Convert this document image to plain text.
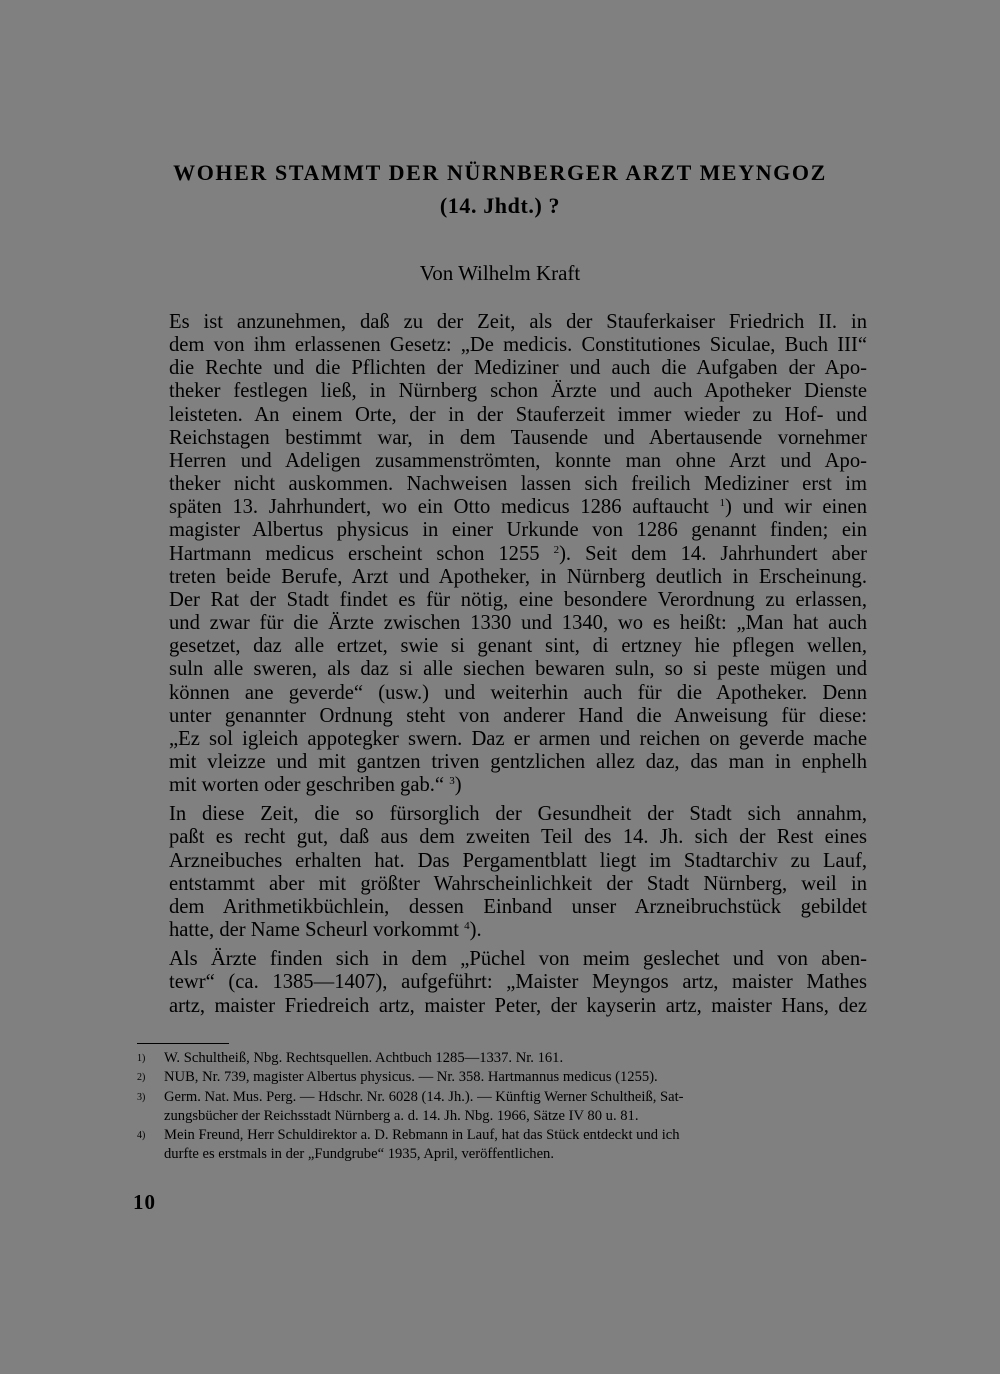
WOHER STAMMT DER NÜRNBERGER ARZT MEYNGOZ
(14. Jhdt.) ?
Von Wilhelm Kraft

Es ist anzunehmen, daß zu der Zeit, als der Stauferkaiser Friedrich II. in
dem von ihm erlassenen Gesetz: „De medicis. Constitutiones Siculae, Buch III“
die Rechte und die Pflichten der Mediziner und auch die Aufgaben der Apo-
theker festlegen ließ, in Nürnberg schon Ärzte und auch Apotheker Dienste
leisteten. An einem Orte, der in der Stauferzeit immer wieder zu Hof- und
Reichstagen bestimmt war, in dem Tausende und Abertausende vornehmer
Herren und Adeligen zusammenströmten, konnte man ohne Arzt und Apo-
theker nicht auskommen. Nachweisen lassen sich freilich Mediziner erst im
späten 13. Jahrhundert, wo ein Otto medicus 1286 auftaucht $^1$) und wir einen
magister Albertus physicus in einer Urkunde von 1286 genannt finden; ein
Hartmann medicus erscheint schon 1255 $^2$). Seit dem 14. Jahrhundert aber
treten beide Berufe, Arzt und Apotheker, in Nürnberg deutlich in Erscheinung.
Der Rat der Stadt findet es für nötig, eine besondere Verordnung zu erlassen,
und zwar für die Ärzte zwischen 1330 und 1340, wo es heißt: „Man hat auch
gesetzet, daz alle ertzet, swie si genant sint, di ertzney hie pflegen wellen,
suln alle sweren, als daz si alle siechen bewaren suln, so si peste mügen und
können ane geverde“ (usw.) und weiterhin auch für die Apotheker. Denn
unter genannter Ordnung steht von anderer Hand die Anweisung für diese:
„Ez sol igleich appotegker swern. Daz er armen und reichen on geverde mache
mit vleizze und mit gantzen triven gentzlichen allez daz, das man in enphelh
mit worten oder geschriben gab.“ $^3$)

In diese Zeit, die so fürsorglich der Gesundheit der Stadt sich annahm,
paßt es recht gut, daß aus dem zweiten Teil des 14. Jh. sich der Rest eines
Arzneibuches erhalten hat. Das Pergamentblatt liegt im Stadtarchiv zu Lauf,
entstammt aber mit größter Wahrscheinlichkeit der Stadt Nürnberg, weil in
dem Arithmetikbüchlein, dessen Einband unser Arzneibruchstück gebildet
hatte, der Name Scheurl vorkommt $^4$).

Als Ärzte finden sich in dem „Püchel von meim geslechet und von aben-
tewr“ (ca. 1385—1407), aufgeführt: „Maister Meyngos artz, maister Mathes
artz, maister Friedreich artz, maister Peter, der kayserin artz, maister Hans, dez

1) W. Schultheiß, Nbg. Rechtsquellen. Achtbuch 1285—1337. Nr. 161.
2) NUB, Nr. 739, magister Albertus physicus. — Nr. 358. Hartmannus medicus (1255).
3) Germ. Nat. Mus. Perg. — Hdschr. Nr. 6028 (14. Jh.). — Künftig Werner Schultheiß, Sat-
zungsbücher der Reichsstadt Nürnberg a. d. 14. Jh. Nbg. 1966, Sätze IV 80 u. 81.
4) Mein Freund, Herr Schuldirektor a. D. Rebmann in Lauf, hat das Stück entdeckt und ich
durfte es erstmals in der „Fundgrube“ 1935, April, veröffentlichen.
10
